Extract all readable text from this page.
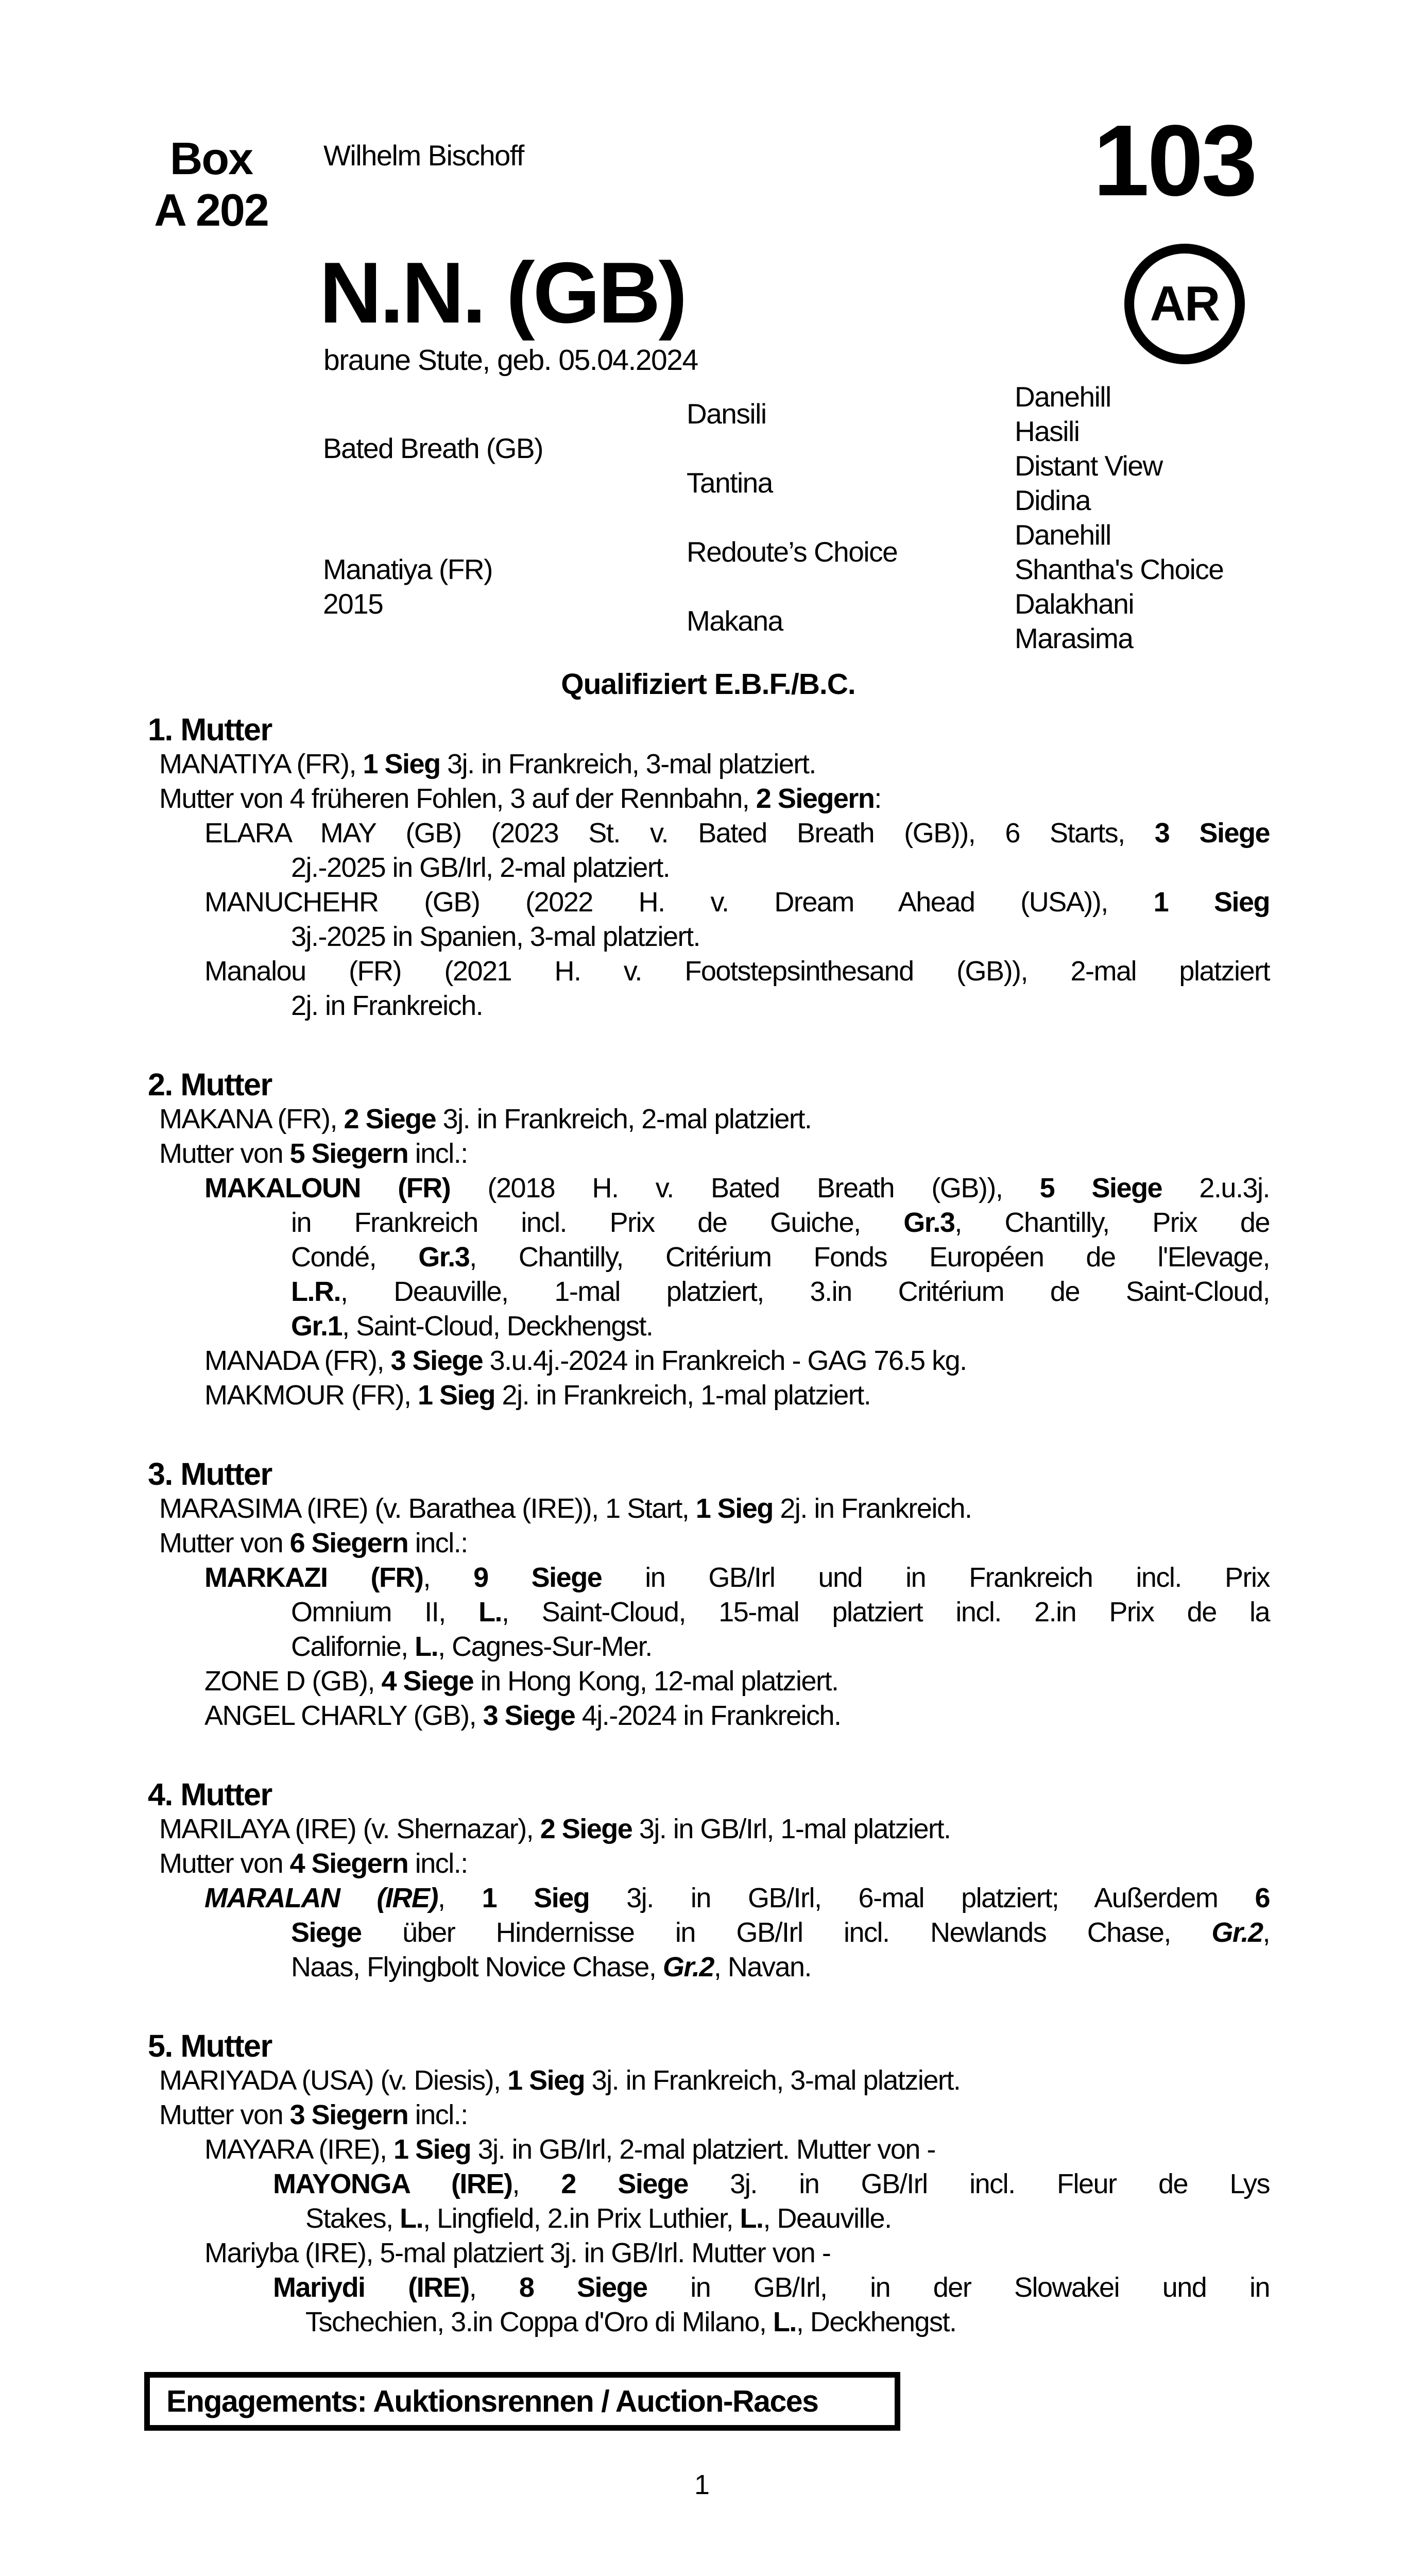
Box
A 202
Wilhelm Bischoff	103
N.N. (GB)
braune Stute, geb. 05.04.2024
AR
Bated Breath (GB)
Manatiya (FR)
2015
Dansili
Tantina
Redoute’s Choice
Makana
Danehill
Hasili
Distant View
Didina
Danehill
Shantha's Choice
Dalakhani
Marasima
Qualifiziert E.B.F./B.C.
1. Mutter
MANATIYA (FR), 1 Sieg 3j. in Frankreich, 3-mal platziert.
Mutter von 4 früheren Fohlen, 3 auf der Rennbahn, 2 Siegern:
ELARA MAY (GB) (2023 St. v. Bated Breath (GB)), 6 Starts, 3 Siege
2j.-2025 in GB/Irl, 2-mal platziert.
MANUCHEHR (GB) (2022 H. v. Dream Ahead (USA)), 1 Sieg
3j.-2025 in Spanien, 3-mal platziert.
Manalou (FR) (2021 H. v. Footstepsinthesand (GB)), 2-mal platziert
2j. in Frankreich.
2. Mutter
MAKANA (FR), 2 Siege 3j. in Frankreich, 2-mal platziert.
Mutter von 5 Siegern incl.:
MAKALOUN (FR) (2018 H. v. Bated Breath (GB)), 5 Siege 2.u.3j.
in Frankreich incl. Prix de Guiche, Gr.3, Chantilly, Prix de
Condé, Gr.3, Chantilly, Critérium Fonds Européen de l'Elevage,
L.R., Deauville, 1-mal platziert, 3.in Critérium de Saint-Cloud,
Gr.1, Saint-Cloud, Deckhengst.
MANADA (FR), 3 Siege 3.u.4j.-2024 in Frankreich - GAG 76.5 kg.
MAKMOUR (FR), 1 Sieg 2j. in Frankreich, 1-mal platziert.
3. Mutter
MARASIMA (IRE) (v. Barathea (IRE)), 1 Start, 1 Sieg 2j. in Frankreich.
Mutter von 6 Siegern incl.:
MARKAZI (FR), 9 Siege in GB/Irl und in Frankreich incl. Prix
Omnium II, L., Saint-Cloud, 15-mal platziert incl. 2.in Prix de la
Californie, L., Cagnes-Sur-Mer.
ZONE D (GB), 4 Siege in Hong Kong, 12-mal platziert.
ANGEL CHARLY (GB), 3 Siege 4j.-2024 in Frankreich.
4. Mutter
MARILAYA (IRE) (v. Shernazar), 2 Siege 3j. in GB/Irl, 1-mal platziert.
Mutter von 4 Siegern incl.:
MARALAN (IRE), 1 Sieg 3j. in GB/Irl, 6-mal platziert; Außerdem 6
Siege über Hindernisse in GB/Irl incl. Newlands Chase, Gr.2,
Naas, Flyingbolt Novice Chase, Gr.2, Navan.
5. Mutter
MARIYADA (USA) (v. Diesis), 1 Sieg 3j. in Frankreich, 3-mal platziert.
Mutter von 3 Siegern incl.:
MAYARA (IRE), 1 Sieg 3j. in GB/Irl, 2-mal platziert. Mutter von -
MAYONGA (IRE), 2 Siege 3j. in GB/Irl incl. Fleur de Lys
Stakes, L., Lingfield, 2.in Prix Luthier, L., Deauville.
Mariyba (IRE), 5-mal platziert 3j. in GB/Irl. Mutter von -
Mariydi (IRE), 8 Siege in GB/Irl, in der Slowakei und in
Tschechien, 3.in Coppa d'Oro di Milano, L., Deckhengst.
Engagements: Auktionsrennen / Auction-Races
1
